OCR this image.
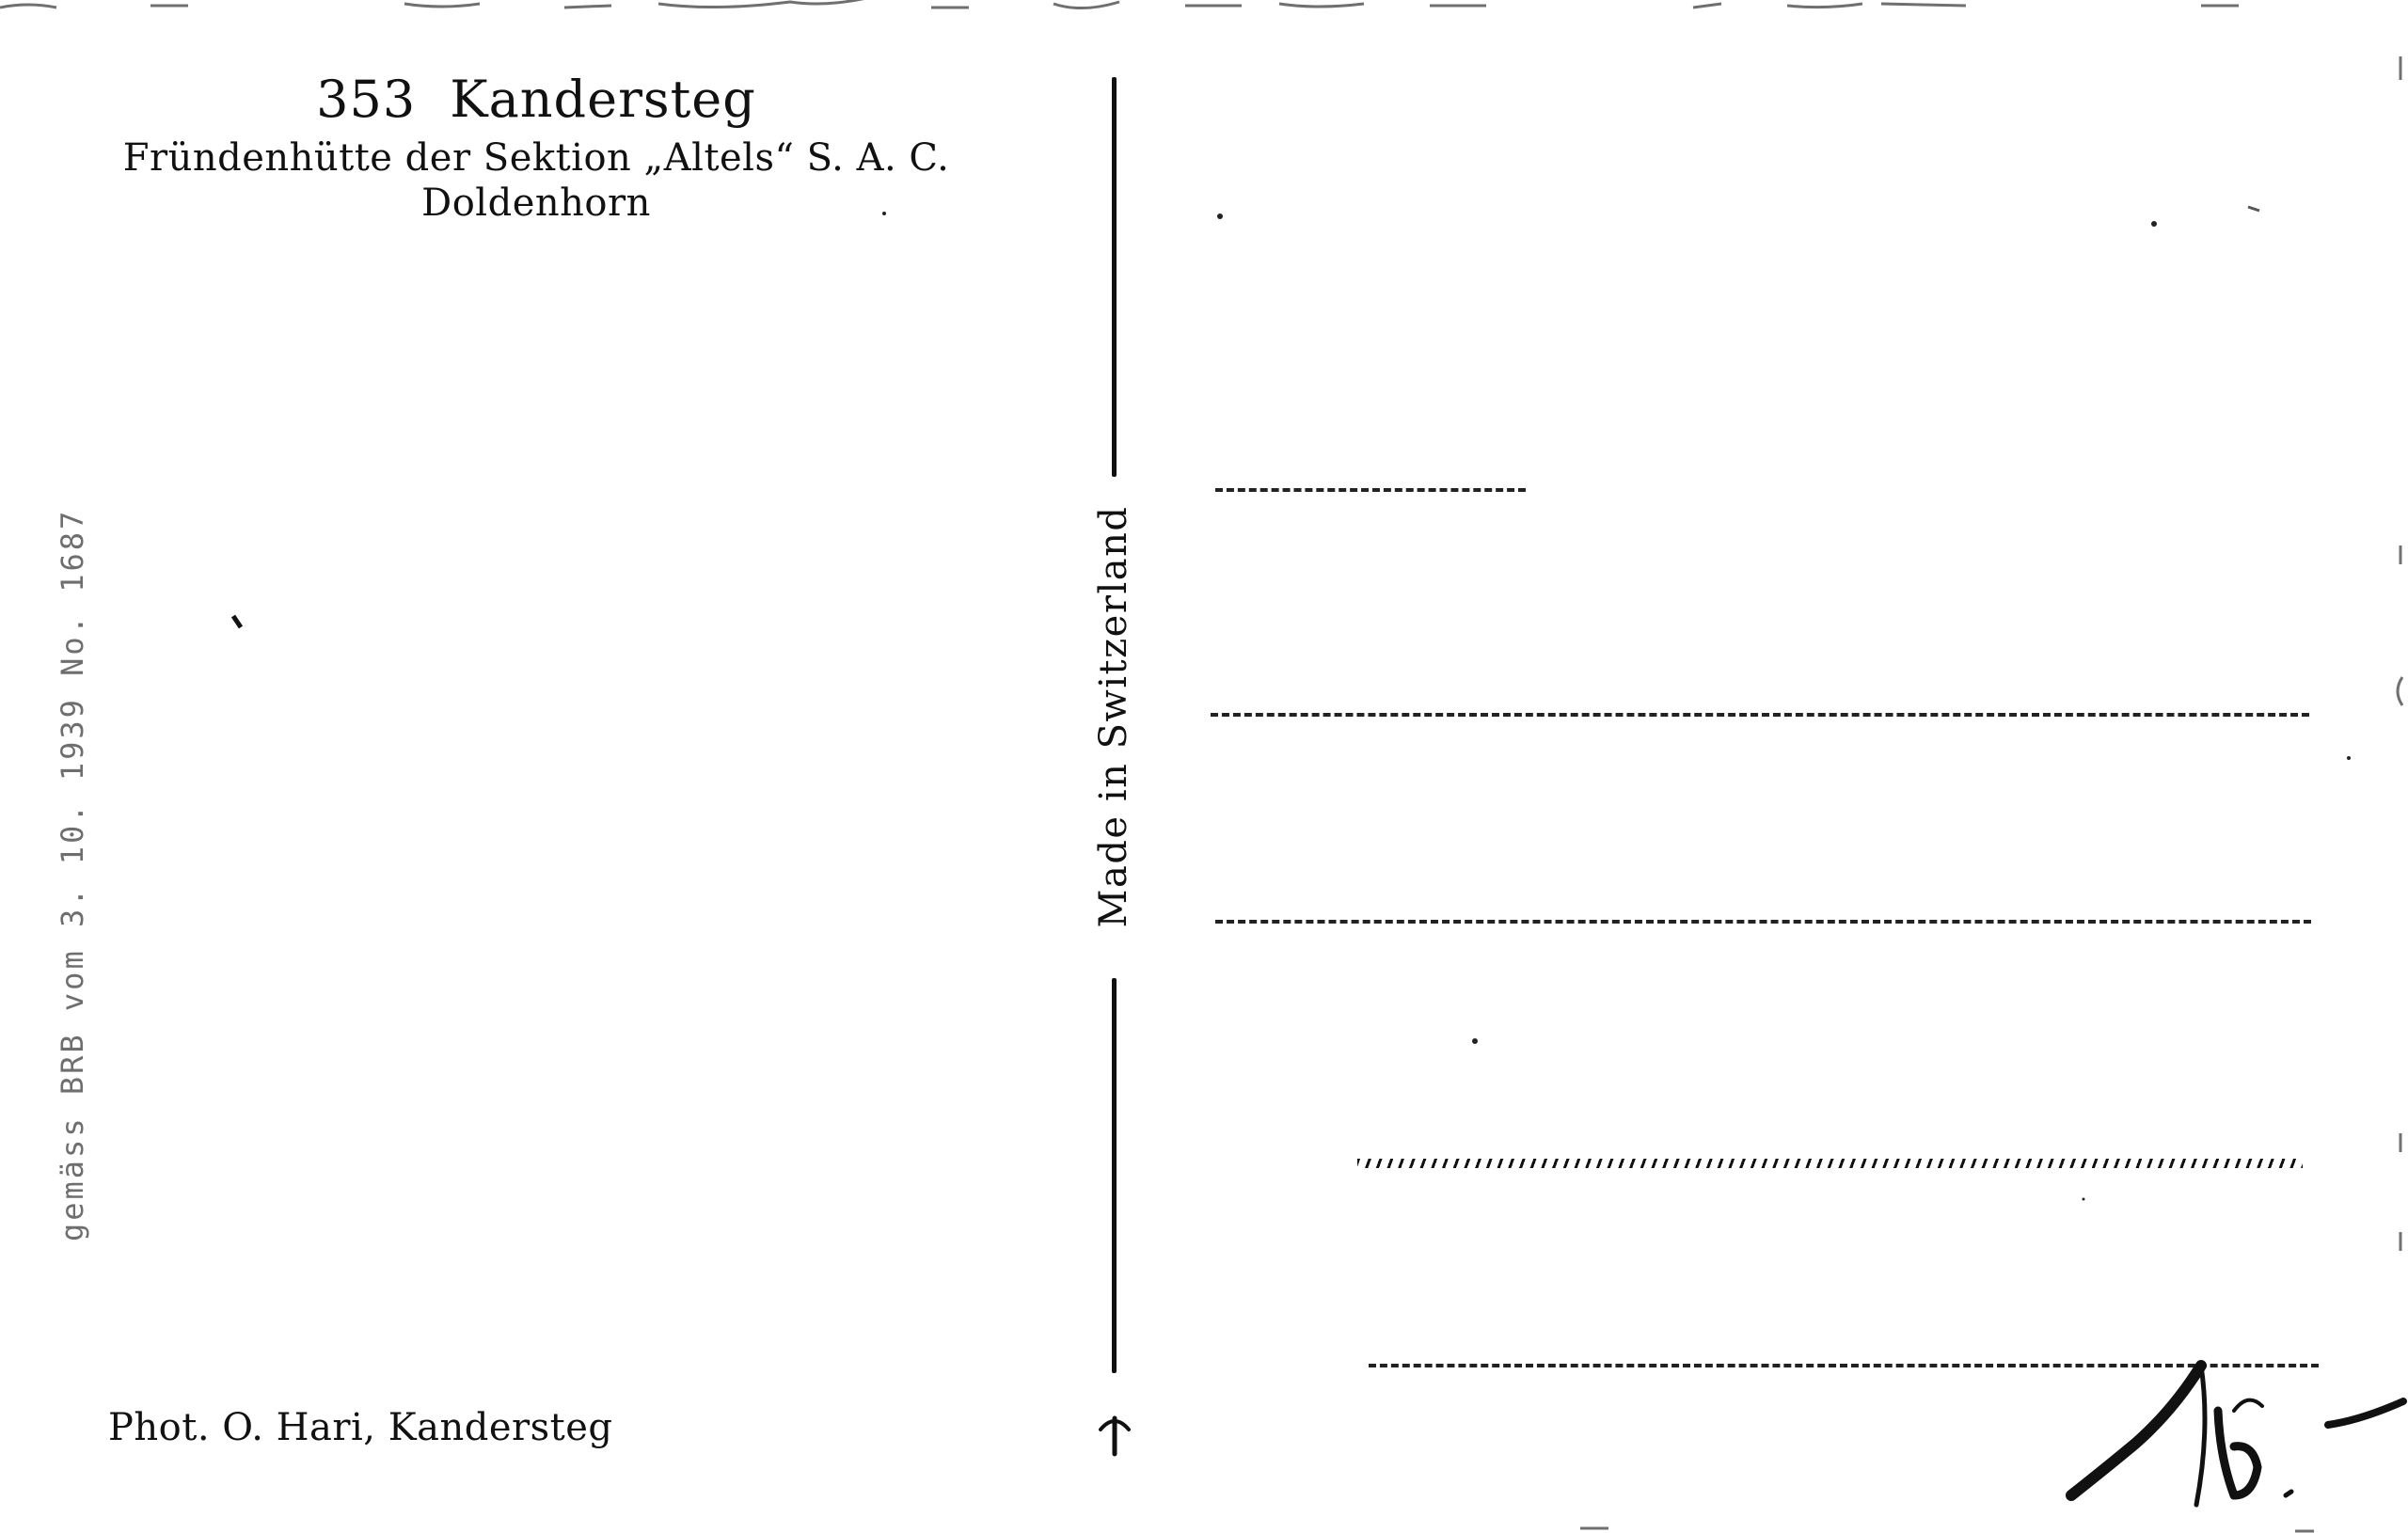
353 Kandersteg
Fründenhütte der Sektion „Altels“ S. A. C.
Doldenhorn
gemäss BRB vom 3. 10. 1939 No. 1687
Phot. O. Hari, Kandersteg
Made in Switzerland
